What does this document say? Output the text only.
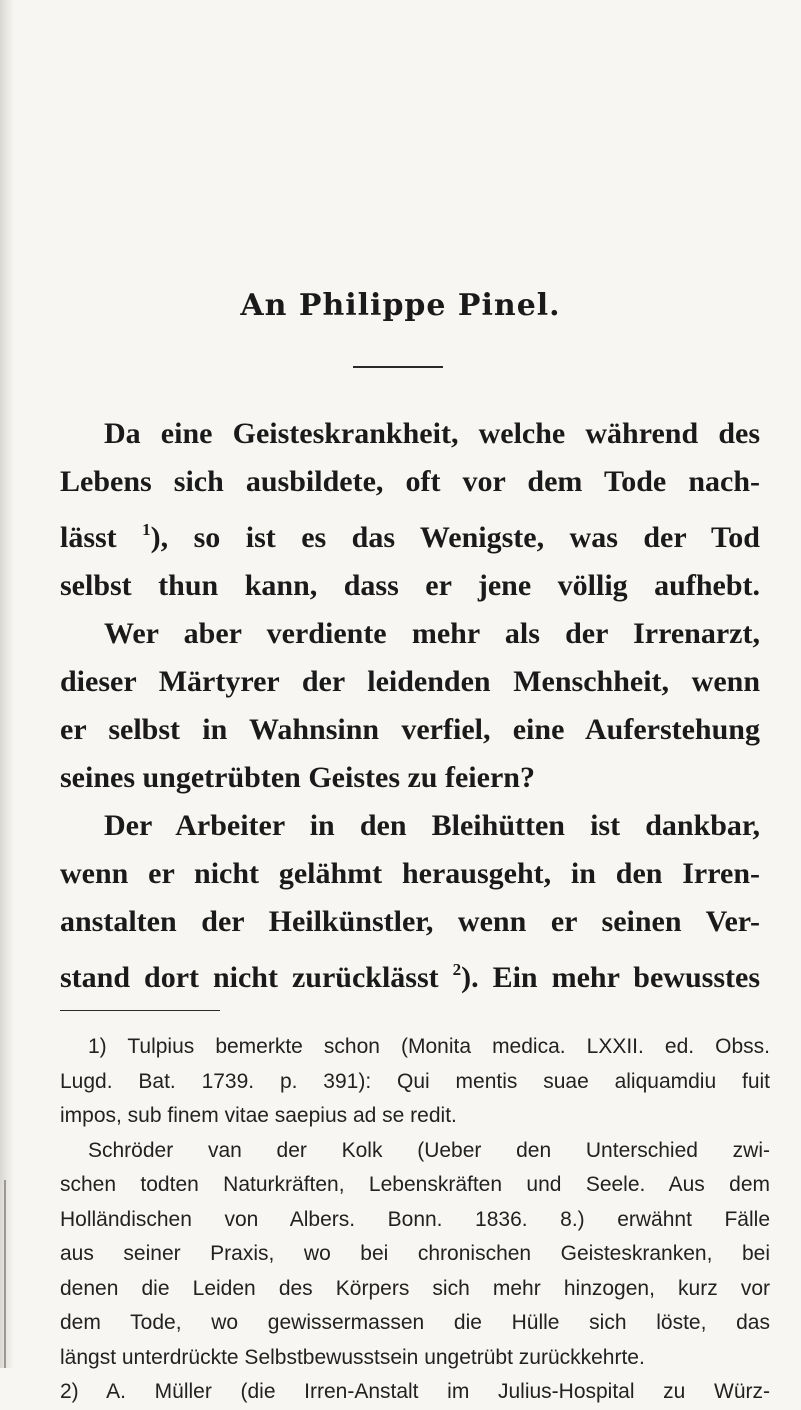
An Philippe Pinel.
Da eine Geisteskrankheit, welche während des
Lebens sich ausbildete, oft vor dem Tode nach-
lässt $^1$), so ist es das Wenigste, was der Tod
selbst thun kann, dass er jene völlig aufhebt.
Wer aber verdiente mehr als der Irrenarzt,
dieser Märtyrer der leidenden Menschheit, wenn
er selbst in Wahnsinn verfiel, eine Auferstehung
seines ungetrübten Geistes zu feiern?
Der Arbeiter in den Bleihütten ist dankbar,
wenn er nicht gelähmt herausgeht, in den Irren-
anstalten der Heilkünstler, wenn er seinen Ver-
stand dort nicht zurücklässt $^2$). Ein mehr bewusstes
1) Tulpius bemerkte schon (Monita medica. LXXII. ed. Obss.
Lugd. Bat. 1739. p. 391): Qui mentis suae aliquamdiu fuit
impos, sub finem vitae saepius ad se redit.
Schröder van der Kolk (Ueber den Unterschied zwi-
schen todten Naturkräften, Lebenskräften und Seele. Aus dem
Holländischen von Albers. Bonn. 1836. 8.) erwähnt Fälle
aus seiner Praxis, wo bei chronischen Geisteskranken, bei
denen die Leiden des Körpers sich mehr hinzogen, kurz vor
dem Tode, wo gewissermassen die Hülle sich löste, das
längst unterdrückte Selbstbewusstsein ungetrübt zurückkehrte.
2) A. Müller (die Irren-Anstalt im Julius-Hospital zu Würz-
